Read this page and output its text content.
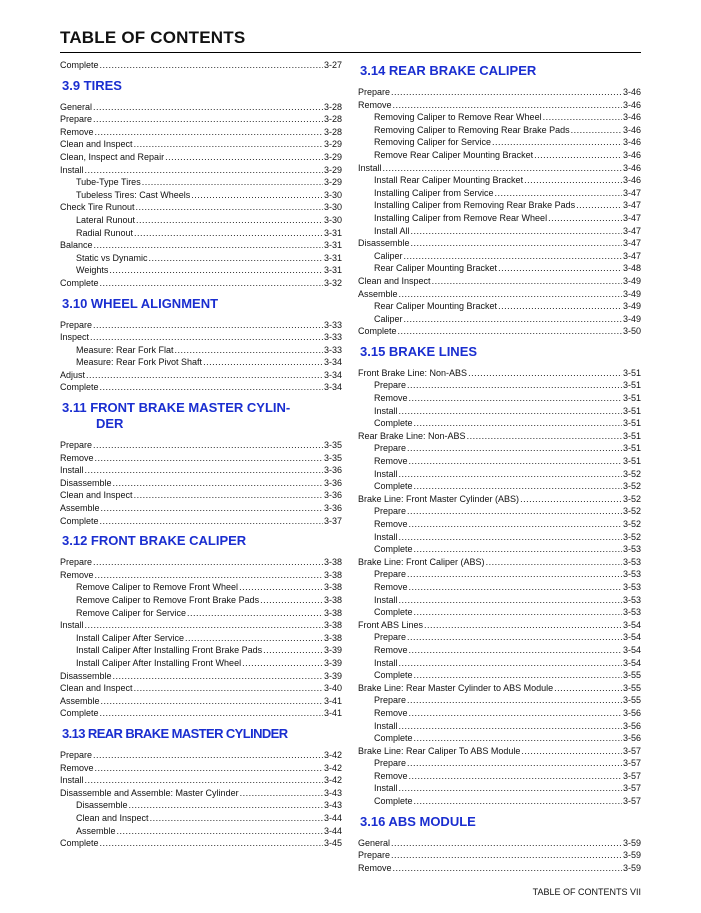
TABLE OF CONTENTS
Complete .....	3-27
3.9 TIRES
General .....	3-28
Prepare .....	3-28
Remove .....	3-28
Clean and Inspect .....	3-29
Clean, Inspect and Repair .....	3-29
Install .....	3-29
Tube-Type Tires .....	3-29
Tubeless Tires: Cast Wheels .....	3-30
Check Tire Runout .....	3-30
Lateral Runout .....	3-30
Radial Runout .....	3-31
Balance .....	3-31
Static vs Dynamic .....	3-31
Weights .....	3-31
Complete .....	3-32
3.10 WHEEL ALIGNMENT
Prepare .....	3-33
Inspect .....	3-33
Measure: Rear Fork Flat .....	3-33
Measure: Rear Fork Pivot Shaft .....	3-34
Adjust .....	3-34
Complete .....	3-34
3.11 FRONT BRAKE MASTER CYLIN-
DER
Prepare .....	3-35
Remove .....	3-35
Install .....	3-36
Disassemble .....	3-36
Clean and Inspect .....	3-36
Assemble .....	3-36
Complete .....	3-37
3.12 FRONT BRAKE CALIPER
Prepare .....	3-38
Remove .....	3-38
Remove Caliper to Remove Front Wheel .....	3-38
Remove Caliper to Remove Front Brake Pads .....	3-38
Remove Caliper for Service .....	3-38
Install .....	3-38
Install Caliper After Service .....	3-38
Install Caliper After Installing Front Brake Pads .....	3-39
Install Caliper After Installing Front Wheel .....	3-39
Disassemble .....	3-39
Clean and Inspect .....	3-40
Assemble .....	3-41
Complete .....	3-41
3.13 REAR BRAKE MASTER CYLINDER
Prepare .....	3-42
Remove .....	3-42
Install .....	3-42
Disassemble and Assemble: Master Cylinder .....	3-43
Disassemble .....	3-43
Clean and Inspect .....	3-44
Assemble .....	3-44
Complete .....	3-45
3.14 REAR BRAKE CALIPER
Prepare .....	3-46
Remove .....	3-46
Removing Caliper to Remove Rear Wheel .....	3-46
Removing Caliper to Removing Rear Brake Pads .....	3-46
Removing Caliper for Service .....	3-46
Remove Rear Caliper Mounting Bracket .....	3-46
Install .....	3-46
Install Rear Caliper Mounting Bracket .....	3-46
Installing Caliper from Service .....	3-47
Installing Caliper from Removing Rear Brake Pads .....	3-47
Installing Caliper from Remove Rear Wheel .....	3-47
Install All .....	3-47
Disassemble .....	3-47
Caliper .....	3-47
Rear Caliper Mounting Bracket .....	3-48
Clean and Inspect .....	3-49
Assemble .....	3-49
Rear Caliper Mounting Bracket .....	3-49
Caliper .....	3-49
Complete .....	3-50
3.15 BRAKE LINES
Front Brake Line: Non-ABS .....	3-51
Prepare .....	3-51
Remove .....	3-51
Install .....	3-51
Complete .....	3-51
Rear Brake Line: Non-ABS .....	3-51
Prepare .....	3-51
Remove .....	3-51
Install .....	3-52
Complete .....	3-52
Brake Line: Front Master Cylinder (ABS) .....	3-52
Prepare .....	3-52
Remove .....	3-52
Install .....	3-52
Complete .....	3-53
Brake Line: Front Caliper (ABS) .....	3-53
Prepare .....	3-53
Remove .....	3-53
Install .....	3-53
Complete .....	3-53
Front ABS Lines .....	3-54
Prepare .....	3-54
Remove .....	3-54
Install .....	3-54
Complete .....	3-55
Brake Line: Rear Master Cylinder to ABS Module .....	3-55
Prepare .....	3-55
Remove .....	3-56
Install .....	3-56
Complete .....	3-56
Brake Line: Rear Caliper To ABS Module .....	3-57
Prepare .....	3-57
Remove .....	3-57
Install .....	3-57
Complete .....	3-57
3.16 ABS MODULE
General .....	3-59
Prepare .....	3-59
Remove .....	3-59
TABLE OF CONTENTS VII
